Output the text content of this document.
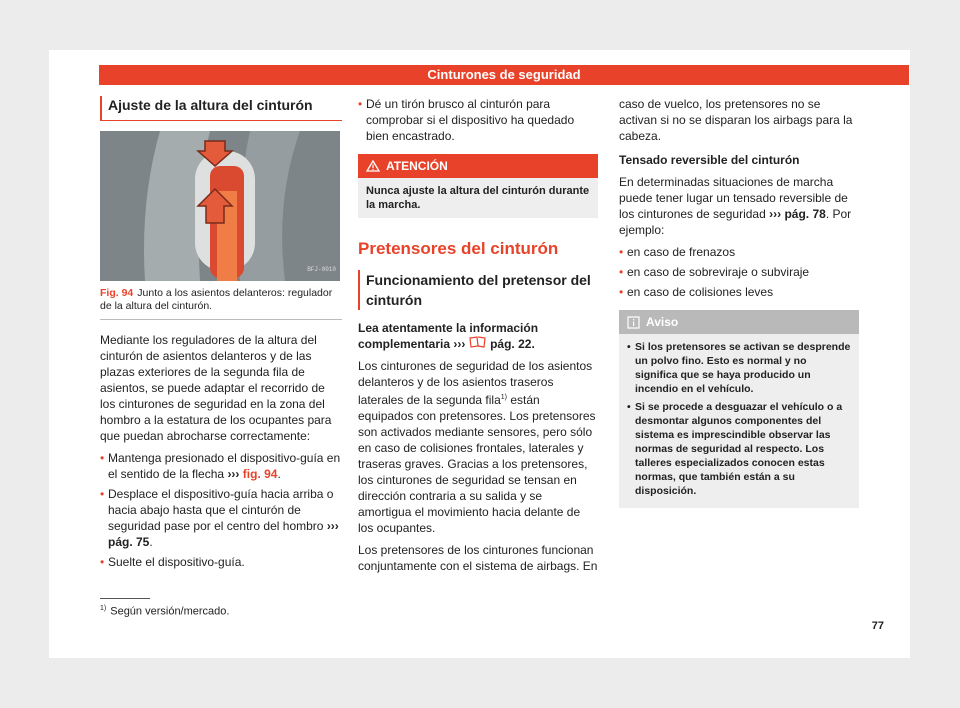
Cinturones de seguridad
Ajuste de la altura del cinturón
BFJ-0010
Fig. 94 Junto a los asientos delanteros: regulador de la altura del cinturón.

Mediante los reguladores de la altura del cinturón de asientos delanteros y de las plazas exteriores de la segunda fila de asientos, se puede adaptar el recorrido de los cinturones de seguridad en la zona del hombro a la estatura de los ocupantes para que puedan abrocharse correctamente:

• Mantenga presionado el dispositivo-guía en el sentido de la flecha ››› fig. 94.
• Desplace el dispositivo-guía hacia arriba o hacia abajo hasta que el cinturón de seguridad pase por el centro del hombro ››› pág. 75.
• Suelte el dispositivo-guía.
• Dé un tirón brusco al cinturón para comprobar si el dispositivo ha quedado bien encastrado.
ATENCIÓN
Nunca ajuste la altura del cinturón durante la marcha.
Pretensores del cinturón
Funcionamiento del pretensor del cinturón

Lea atentamente la información complementaria ››› pág. 22.

Los cinturones de seguridad de los asientos delanteros y de los asientos traseros laterales de la segunda fila$^{1)}$ están equipados con pretensores. Los pretensores son activados mediante sensores, pero sólo en caso de colisiones frontales, laterales y traseras graves. Gracias a los pretensores, los cinturones de seguridad se tensan en dirección contraria a su salida y se amortigua el movimiento hacia delante de los ocupantes.

Los pretensores de los cinturones funcionan conjuntamente con el sistema de airbags. En

caso de vuelco, los pretensores no se activan si no se disparan los airbags para la cabeza.

Tensado reversible del cinturón

En determinadas situaciones de marcha puede tener lugar un tensado reversible de los cinturones de seguridad ››› pág. 78. Por ejemplo:

• en caso de frenazos
• en caso de sobreviraje o subviraje
• en caso de colisiones leves
Aviso
• Si los pretensores se activan se desprende un polvo fino. Esto es normal y no significa que se haya producido un incendio en el vehículo.
• Si se procede a desguazar el vehículo o a desmontar algunos componentes del sistema es imprescindible observar las normas de seguridad al respecto. Los talleres especializados conocen estas normas, que también están a su disposición.
$^{1)}$ Según versión/mercado.
77
